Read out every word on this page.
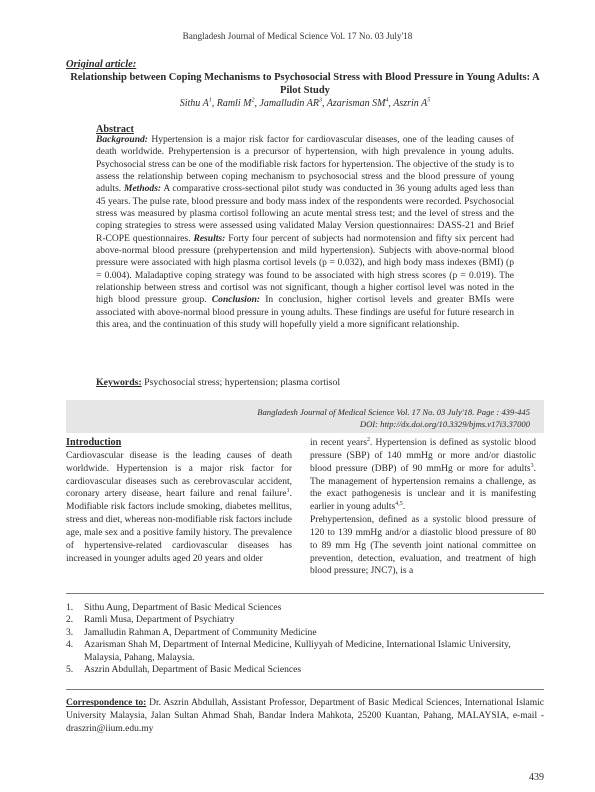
Bangladesh Journal of Medical Science Vol. 17 No. 03 July'18
Original article:
Relationship between Coping Mechanisms to Psychosocial Stress with Blood Pressure in Young Adults: A Pilot Study
Sithu $A^1$, Ramli $M^2$, Jamalludin $AR^3$, Azarisman $SM^4$, Aszrin $A^5$
Abstract
Background: Hypertension is a major risk factor for cardiovascular diseases, one of the leading causes of death worldwide. Prehypertension is a precursor of hypertension, with high prevalence in young adults. Psychosocial stress can be one of the modifiable risk factors for hypertension. The objective of the study is to assess the relationship between coping mechanism to psychosocial stress and the blood pressure of young adults. Methods: A comparative cross-sectional pilot study was conducted in 36 young adults aged less than 45 years. The pulse rate, blood pressure and body mass index of the respondents were recorded. Psychosocial stress was measured by plasma cortisol following an acute mental stress test; and the level of stress and the coping strategies to stress were assessed using validated Malay Version questionnaires: DASS-21 and Brief R-COPE questionnaires. Results: Forty four percent of subjects had normotension and fifty six percent had above-normal blood pressure (prehypertension and mild hypertension). Subjects with above-normal blood pressure were associated with high plasma cortisol levels (p = 0.032), and high body mass indexes (BMI) (p = 0.004). Maladaptive coping strategy was found to be associated with high stress scores (p = 0.019). The relationship between stress and cortisol was not significant, though a higher cortisol level was noted in the high blood pressure group. Conclusion: In conclusion, higher cortisol levels and greater BMIs were associated with above-normal blood pressure in young adults. These findings are useful for future research in this area, and the continuation of this study will hopefully yield a more significant relationship.
Keywords: Psychosocial stress; hypertension; plasma cortisol
Bangladesh Journal of Medical Science Vol. 17 No. 03 July'18. Page : 439-445
DOI: http://dx.doi.org/10.3329/bjms.v17i3.37000
Introduction
Cardiovascular disease is the leading causes of death worldwide. Hypertension is a major risk factor for cardiovascular diseases such as cerebrovascular accident, coronary artery disease, heart failure and renal failure$^1$. Modifiable risk factors include smoking, diabetes mellitus, stress and diet, whereas non-modifiable risk factors include age, male sex and a positive family history. The prevalence of hypertensive-related cardiovascular diseases has increased in younger adults aged 20 years and older
in recent years$^2$. Hypertension is defined as systolic blood pressure (SBP) of 140 mmHg or more and/or diastolic blood pressure (DBP) of 90 mmHg or more for adults$^3$. The management of hypertension remains a challenge, as the exact pathogenesis is unclear and it is manifesting earlier in young adults$^{4,5}$.
Prehypertension, defined as a systolic blood pressure of 120 to 139 mmHg and/or a diastolic blood pressure of 80 to 89 mm Hg (The seventh joint national committee on prevention, detection, evaluation, and treatment of high blood pressure; JNC7), is a
1.	Sithu Aung, Department of Basic Medical Sciences
2.	Ramli Musa, Department of Psychiatry
3.	Jamalludin Rahman A, Department of Community Medicine
4.	Azarisman Shah M, Department of Internal Medicine, Kulliyyah of Medicine, International Islamic University, Malaysia, Pahang, Malaysia.
5.	Aszrin Abdullah, Department of Basic Medical Sciences
Correspondence to: Dr. Aszrin Abdullah, Assistant Professor, Department of Basic Medical Sciences, International Islamic University Malaysia, Jalan Sultan Ahmad Shah, Bandar Indera Mahkota, 25200 Kuantan, Pahang, MALAYSIA, e-mail -draszrin@iium.edu.my
439
